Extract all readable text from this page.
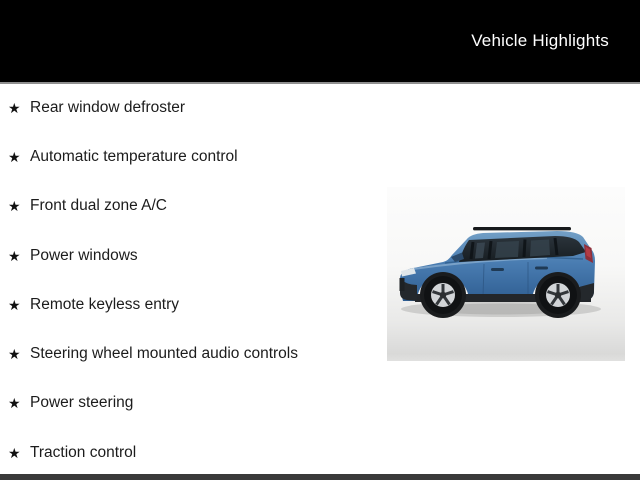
Vehicle Highlights
★ Rear window defroster
★ Automatic temperature control
★ Front dual zone A/C
★ Power windows
★ Remote keyless entry
★ Steering wheel mounted audio controls
★ Power steering
★ Traction control
